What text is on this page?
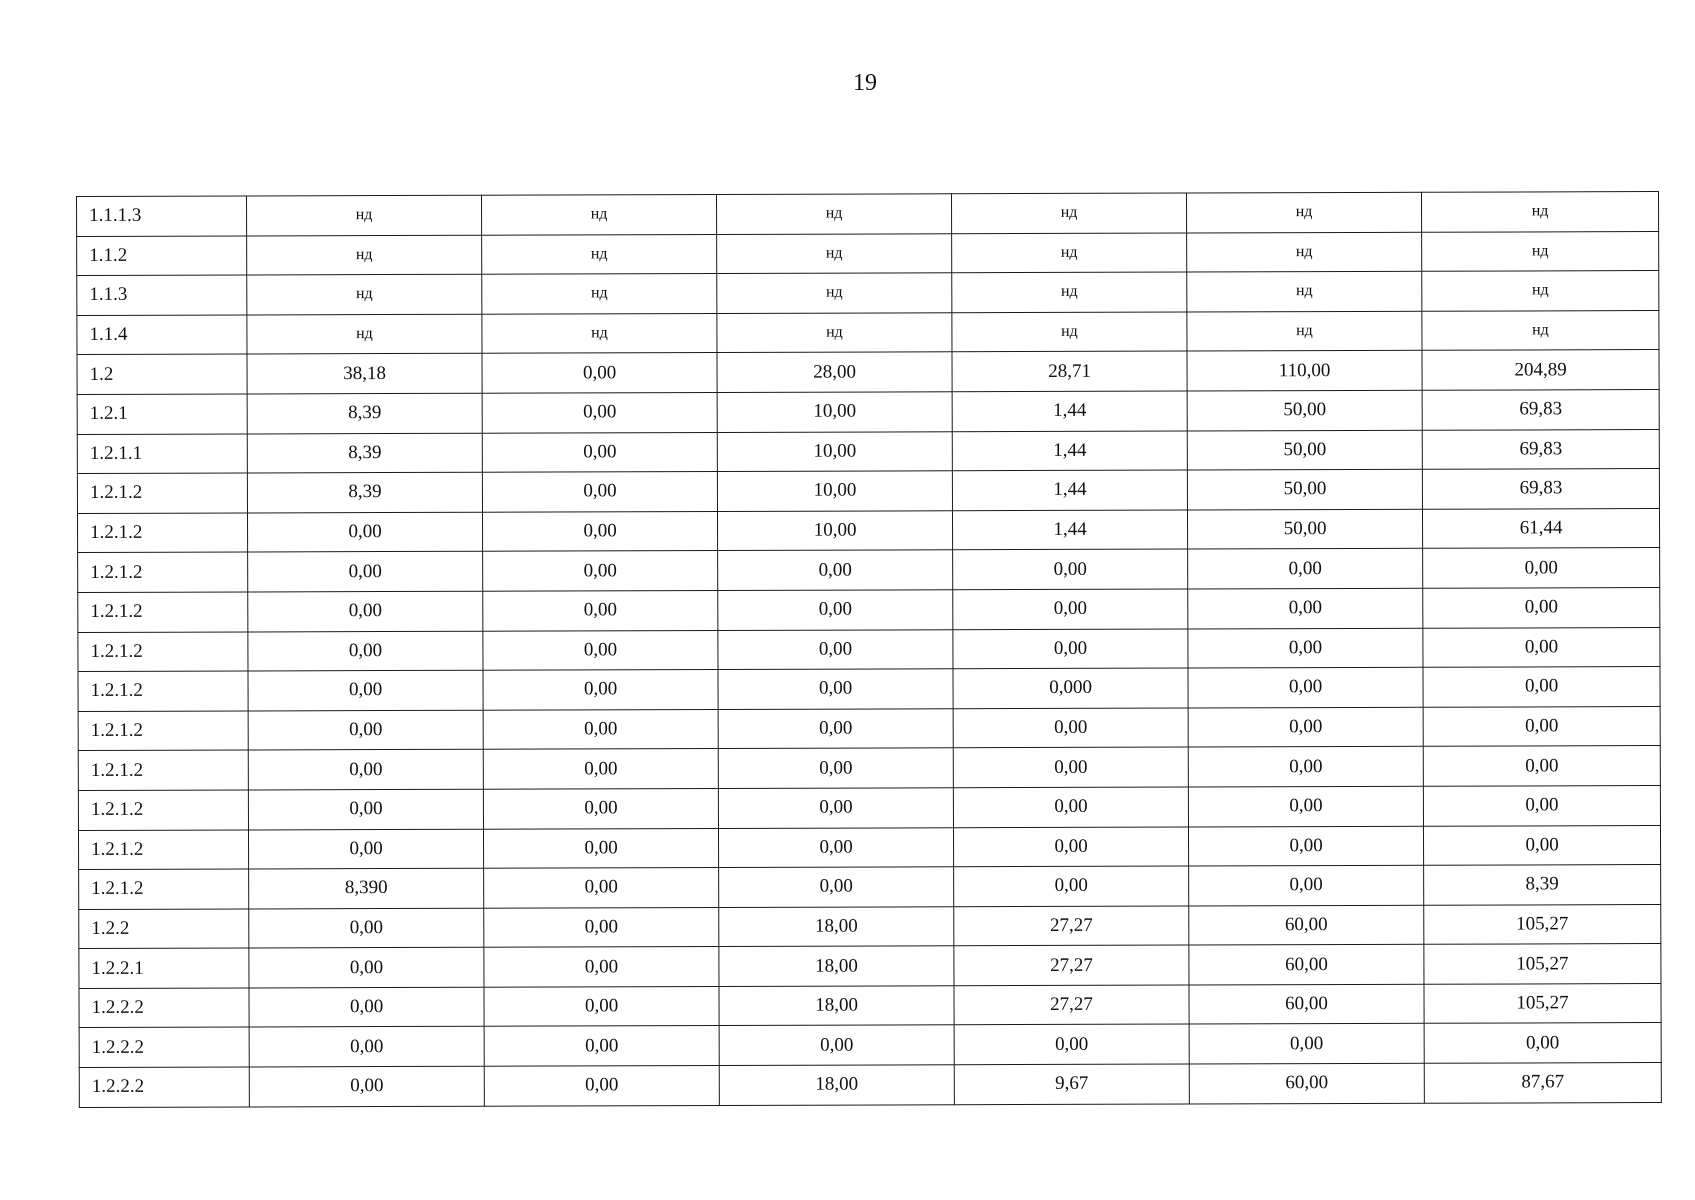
19
1.1.1.3	нд	нд	нд	нд	нд	нд
1.1.2	нд	нд	нд	нд	нд	нд
1.1.3	нд	нд	нд	нд	нд	нд
1.1.4	нд	нд	нд	нд	нд	нд
1.2	38,18	0,00	28,00	28,71	110,00	204,89
1.2.1	8,39	0,00	10,00	1,44	50,00	69,83
1.2.1.1	8,39	0,00	10,00	1,44	50,00	69,83
1.2.1.2	8,39	0,00	10,00	1,44	50,00	69,83
1.2.1.2	0,00	0,00	10,00	1,44	50,00	61,44
1.2.1.2	0,00	0,00	0,00	0,00	0,00	0,00
1.2.1.2	0,00	0,00	0,00	0,00	0,00	0,00
1.2.1.2	0,00	0,00	0,00	0,00	0,00	0,00
1.2.1.2	0,00	0,00	0,00	0,000	0,00	0,00
1.2.1.2	0,00	0,00	0,00	0,00	0,00	0,00
1.2.1.2	0,00	0,00	0,00	0,00	0,00	0,00
1.2.1.2	0,00	0,00	0,00	0,00	0,00	0,00
1.2.1.2	0,00	0,00	0,00	0,00	0,00	0,00
1.2.1.2	8,390	0,00	0,00	0,00	0,00	8,39
1.2.2	0,00	0,00	18,00	27,27	60,00	105,27
1.2.2.1	0,00	0,00	18,00	27,27	60,00	105,27
1.2.2.2	0,00	0,00	18,00	27,27	60,00	105,27
1.2.2.2	0,00	0,00	0,00	0,00	0,00	0,00
1.2.2.2	0,00	0,00	18,00	9,67	60,00	87,67
